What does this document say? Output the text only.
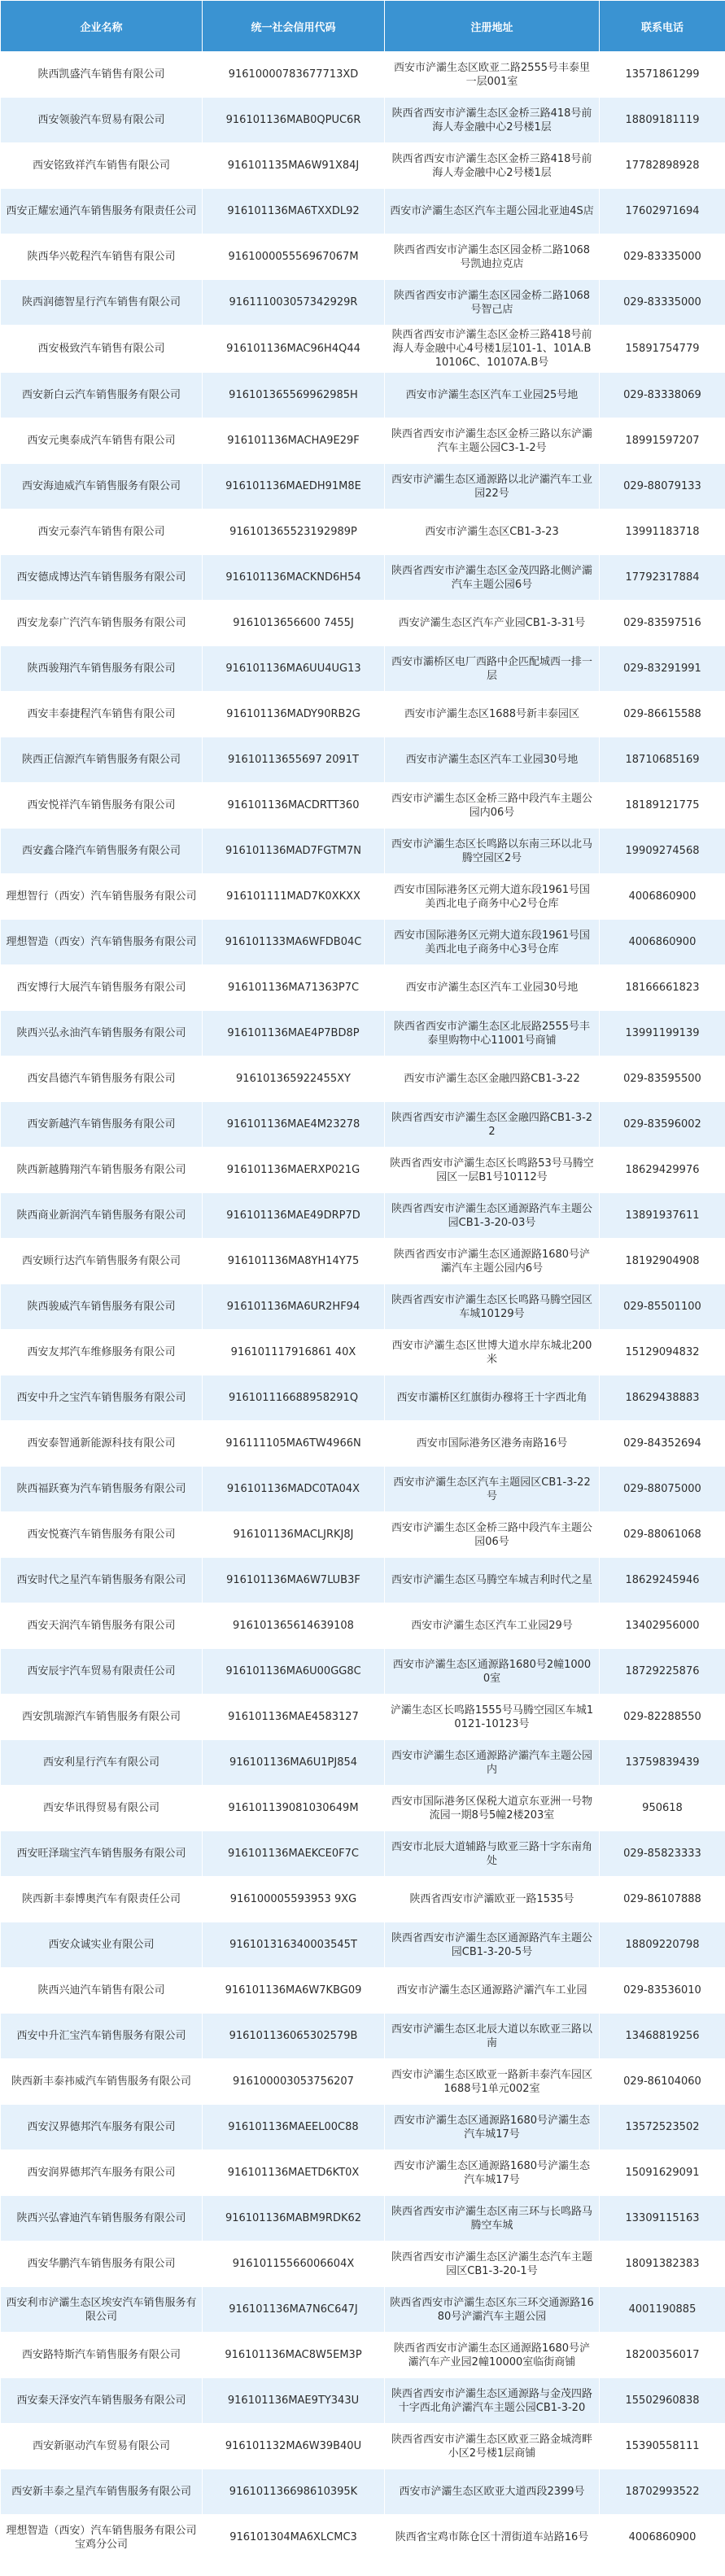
企业名称	统一社会信用代码	注册地址	联系电话
陕西凯盛汽车销售有限公司	91610000783677713XD	西安市浐灞生态区欧亚二路2555号丰泰里一层001室	13571861299
西安领骏汽车贸易有限公司	916101136MAB0QPUC6R	陕西省西安市浐灞生态区金桥三路418号前海人寿金融中心2号楼1层	18809181119
西安铭致祥汽车销售有限公司	916101135MA6W91X84J	陕西省西安市浐灞生态区金桥三路418号前海人寿金融中心2号楼1层	17782898928
西安正耀宏通汽车销售服务有限责任公司	916101136MA6TXXDL92	西安市浐灞生态区汽车主题公园北亚迪4S店	17602971694
陕西华兴乾程汽车销售有限公司	916100005556967067M	陕西省西安市浐灞生态区园金桥二路1068号凯迪拉克店	029-83335000
陕西润德智星行汽车销售有限公司	916111003057342929R	陕西省西安市浐灞生态区园金桥二路1068号智己店	029-83335000
西安极致汽车销售有限公司	916101136MAC96H4Q44	陕西省西安市浐灞生态区金桥三路418号前海人寿金融中心4号楼1层101-1、101A.B10106C、10107A.B号	15891754779
西安新白云汽车销售服务有限公司	916101365569962985H	西安市浐灞生态区汽车工业园25号地	029-83338069
西安元奥泰成汽车销售有限公司	916101136MACHA9E29F	陕西省西安市浐灞生态区金桥三路以东浐灞汽车主题公园C3-1-2号	18991597207
西安海迪威汽车销售服务有限公司	916101136MAEDH91M8E	西安市浐灞生态区通源路以北浐灞汽车工业园22号	029-88079133
西安元泰汽车销售有限公司	916101365523192989P	西安市浐灞生态区CB1-3-23	13991183718
西安德成博达汽车销售服务有限公司	916101136MACKND6H54	陕西省西安市浐灞生态区金茂四路北侧浐灞汽车主题公园6号	17792317884
西安龙泰广汽汽车销售服务有限公司	9161013656600 7455J	西安浐灞生态区汽车产业园CB1-3-31号	029-83597516
陕西骏翔汽车销售服务有限公司	916101136MA6UU4UG13	西安市灞桥区电厂西路中企匹配城西一排一层	029-83291991
西安丰泰捷程汽车销售有限公司	916101136MADY90RB2G	西安市浐灞生态区1688号新丰泰园区	029-86615588
陕西正信源汽车销售服务有限公司	91610113655697 2091T	西安市浐灞生态区汽车工业园30号地	18710685169
西安悦祥汽车销售服务有限公司	916101136MACDRTT360	西安市浐灞生态区金桥三路中段汽车主题公园内06号	18189121775
西安鑫合隆汽车销售服务有限公司	916101136MAD7FGTM7N	西安市浐灞生态区长鸣路以东南三环以北马腾空园区2号	19909274568
理想智行（西安）汽车销售服务有限公司	916101111MAD7K0XKXX	西安市国际港务区元朔大道东段1961号国美西北电子商务中心2号仓库	4006860900
理想智造（西安）汽车销售服务有限公司	916101133MA6WFDB04C	西安市国际港务区元朔大道东段1961号国美西北电子商务中心3号仓库	4006860900
西安博行大展汽车销售服务有限公司	916101136MA71363P7C	西安市浐灞生态区汽车工业园30号地	18166661823
陕西兴弘永油汽车销售服务有限公司	916101136MAE4P7BD8P	陕西省西安市浐灞生态区北辰路2555号丰泰里购物中心11001号商铺	13991199139
西安昌德汽车销售服务有限公司	916101365922455XY	西安市浐灞生态区金融四路CB1-3-22	029-83595500
西安新越汽车销售服务有限公司	916101136MAE4M23278	陕西省西安市浐灞生态区金融四路CB1-3-22	029-83596002
陕西新越腾翔汽车销售服务有限公司	916101136MAERXP021G	陕西省西安市浐灞生态区长鸣路53号马腾空园区一层B1号10112号	18629429976
陕西商业新润汽车销售服务有限公司	916101136MAE49DRP7D	陕西省西安市浐灞生态区通源路汽车主题公园CB1-3-20-03号	13891937611
西安顾行达汽车销售服务有限公司	916101136MA8YH14Y75	陕西省西安市浐灞生态区通源路1680号浐灞汽车主题公园内6号	18192904908
陕西骏威汽车销售服务有限公司	916101136MA6UR2HF94	陕西省西安市浐灞生态区长鸣路马腾空园区车城10129号	029-85501100
西安友邦汽车维修服务有限公司	916101117916861 40X	西安市浐灞生态区世博大道水岸东城北200米	15129094832
西安中升之宝汽车销售服务有限公司	916101116688958291Q	西安市灞桥区红旗街办穆将王十字西北角	18629438883
西安泰智通新能源科技有限公司	916111105MA6TW4966N	西安市国际港务区港务南路16号	029-84352694
陕西福跃赛为汽车销售服务有限公司	916101136MADC0TA04X	西安市浐灞生态区汽车主题园区CB1-3-22号	029-88075000
西安悦赛汽车销售服务有限公司	916101136MACLJRKJ8J	西安市浐灞生态区金桥三路中段汽车主题公园06号	029-88061068
西安时代之星汽车销售服务有限公司	916101136MA6W7LUB3F	西安市浐灞生态区马腾空车城吉利时代之星	18629245946
西安天润汽车销售服务有限公司	916101365614639108	西安市浐灞生态区汽车工业园29号	13402956000
西安辰宇汽车贸易有限责任公司	916101136MA6U00GG8C	西安市浐灞生态区通源路1680号2幢10000室	18729225876
西安凯瑞源汽车销售服务有限公司	916101136MAE4583127	浐灞生态区长鸣路1555号马腾空园区车城10121-10123号	029-82288550
西安利星行汽车有限公司	916101136MA6U1PJ854	西安市浐灞生态区通源路浐灞汽车主题公园内	13759839439
西安华讯得贸易有限公司	916101139081030649M	西安市国际港务区保税大道京东亚洲一号物流园一期8号5幢2楼203室	950618
西安旺泽瑞宝汽车销售服务有限公司	916101136MAEKCE0F7C	西安市北辰大道辅路与欧亚三路十字东南角处	029-85823333
陕西新丰泰博奥汽车有限责任公司	916100005593953 9XG	陕西省西安市浐灞欧亚一路1535号	029-86107888
西安众诚实业有限公司	916101316340003545T	陕西省西安市浐灞生态区通源路汽车主题公园CB1-3-20-5号	18809220798
陕西兴迪汽车销售有限公司	916101136MA6W7KBG09	西安市浐灞生态区通源路浐灞汽车工业园	029-83536010
西安中升汇宝汽车销售服务有限公司	916101136065302579B	西安市浐灞生态区北辰大道以东欧亚三路以南	13468819256
陕西新丰泰祎威汽车销售服务有限公司	916100003053756207	西安市浐灞生态区欧亚一路新丰泰汽车园区1688号1单元002室	029-86104060
西安汉界德邦汽车服务有限公司	916101136MAEEL00C88	西安市浐灞生态区通源路1680号浐灞生态汽车城17号	13572523502
西安润界德邦汽车服务有限公司	916101136MAETD6KT0X	西安市浐灞生态区通源路1680号浐灞生态汽车城17号	15091629091
陕西兴弘睿迪汽车销售服务有限公司	916101136MABM9RDK62	陕西省西安市浐灞生态区南三环与长鸣路马腾空车城	13309115163
西安华鹏汽车销售服务有限公司	91610115566006604X	陕西省西安市浐灞生态区浐灞生态汽车主题园区CB1-3-20-1号	18091382383
西安利市浐灞生态区埃安汽车销售服务有限公司	916101136MA7N6C647J	陕西省西安市浐灞生态区东三环交通源路1680号浐灞汽车主题公园	4001190885
西安路特斯汽车销售服务有限公司	916101136MAC8W5EM3P	陕西省西安市浐灞生态区通源路1680号浐灞汽车产业园2幢10000室临街商铺	18200356017
西安秦天泽安汽车销售服务有限公司	916101136MAE9TY343U	陕西省西安市浐灞生态区通源路与金茂四路十字西北角浐灞汽车主题公园CB1-3-20	15502960838
西安新驱动汽车贸易有限公司	916101132MA6W39B40U	陕西省西安市浐灞生态区欧亚三路金城湾畔小区2号楼1层商铺	15390558111
西安新丰泰之星汽车销售服务有限公司	916101136698610395K	西安市浐灞生态区欧亚大道西段2399号	18702993522
理想智造（西安）汽车销售服务有限公司宝鸡分公司	916101304MA6XLCMC3	陕西省宝鸡市陈仓区十渭街道车站路16号	4006860900
